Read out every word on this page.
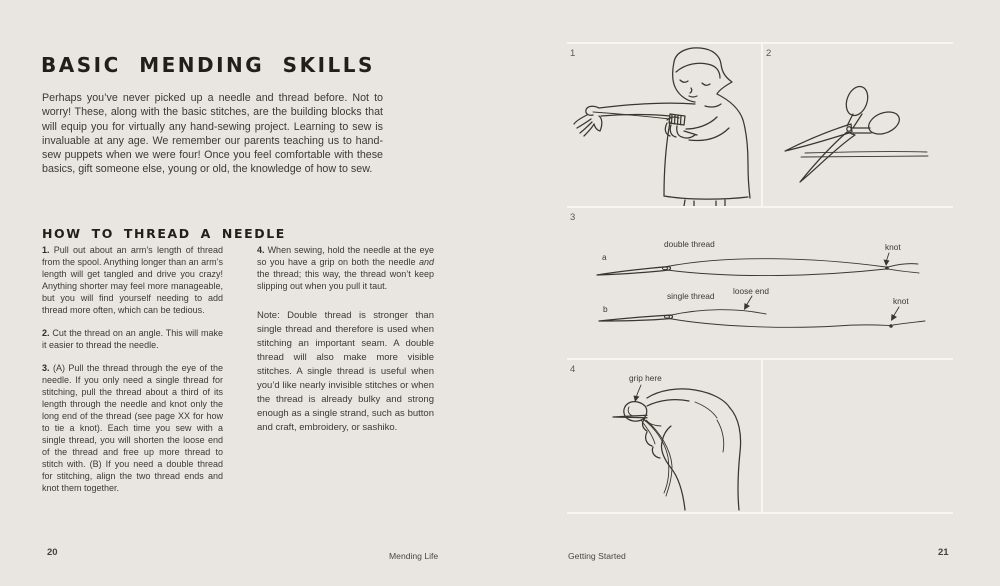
BASIC MENDING SKILLS

Perhaps you’ve never picked up a needle and thread before. Not to worry! These, along with the basic stitches, are the building blocks that will equip you for virtually any hand-sewing project. Learning to sew is invaluable at any age. We remember our parents teaching us to hand-sew puppets when we were four! Once you feel comfortable with these basics, gift someone else, young or old, the knowledge of how to sew.

HOW TO THREAD A NEEDLE

1. Pull out about an arm’s length of thread from the spool. Anything longer than an arm’s length will get tangled and drive you crazy! Anything shorter may feel more manageable, but you will find yourself needing to add thread more often, which can be tedious.

2. Cut the thread on an angle. This will make it easier to thread the needle.

3. (A) Pull the thread through the eye of the needle. If you only need a single thread for stitching, pull the thread about a third of its length through the needle and knot only the long end of the thread (see page XX for how to tie a knot). Each time you sew with a single thread, you will shorten the loose end of the thread and free up more thread to stitch with. (B) If you need a double thread for stitching, align the two thread ends and knot them together.

4. When sewing, hold the needle at the eye so you have a grip on both the needle and the thread; this way, the thread won’t keep slipping out when you pull it taut.

Note: Double thread is stronger than single thread and therefore is used when stitching an important seam. A double thread will also make more visible stitches. A single thread is useful when you’d like nearly invisible stitches or when the thread is already bulky and strong enough as a single strand, such as button and craft, embroidery, or sashiko.

20	Mending Life
1	2
3
a
double thread	knot
b
single thread loose end
knot
4
grip here
Getting Started	21
